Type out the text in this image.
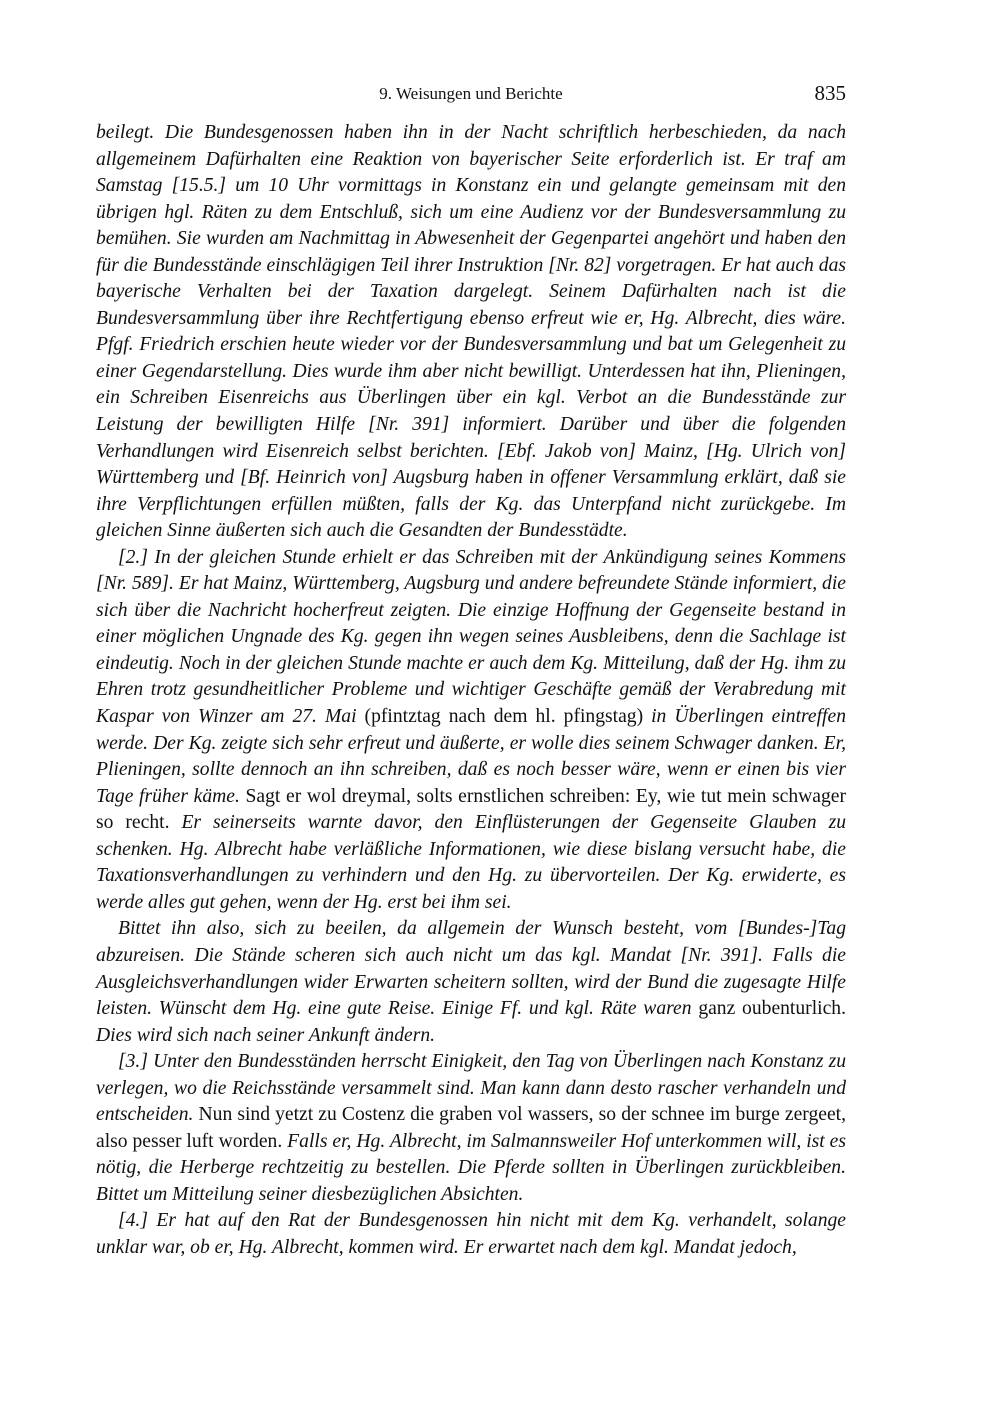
9. Weisungen und Berichte	835

beilegt. Die Bundesgenossen haben ihn in der Nacht schriftlich herbeschieden, da nach allgemeinem Dafürhalten eine Reaktion von bayerischer Seite erforderlich ist. Er traf am Samstag [15.5.] um 10 Uhr vormittags in Konstanz ein und gelangte gemeinsam mit den übrigen hgl. Räten zu dem Entschluß, sich um eine Audienz vor der Bundesversammlung zu bemühen. Sie wurden am Nachmittag in Abwesenheit der Gegenpartei angehört und haben den für die Bundesstände einschlägigen Teil ihrer Instruktion [Nr. 82] vorgetragen. Er hat auch das bayerische Verhalten bei der Taxation dargelegt. Seinem Dafürhalten nach ist die Bundesversammlung über ihre Rechtfertigung ebenso erfreut wie er, Hg. Albrecht, dies wäre. Pfgf. Friedrich erschien heute wieder vor der Bundesversammlung und bat um Gelegenheit zu einer Gegendarstellung. Dies wurde ihm aber nicht bewilligt. Unterdessen hat ihn, Plieningen, ein Schreiben Eisenreichs aus Überlingen über ein kgl. Verbot an die Bundesstände zur Leistung der bewilligten Hilfe [Nr. 391] informiert. Darüber und über die folgenden Verhandlungen wird Eisenreich selbst berichten. [Ebf. Jakob von] Mainz, [Hg. Ulrich von] Württemberg und [Bf. Heinrich von] Augsburg haben in offener Versammlung erklärt, daß sie ihre Verpflichtungen erfüllen müßten, falls der Kg. das Unterpfand nicht zurückgebe. Im gleichen Sinne äußerten sich auch die Gesandten der Bundesstädte.

[2.] In der gleichen Stunde erhielt er das Schreiben mit der Ankündigung seines Kommens [Nr. 589]. Er hat Mainz, Württemberg, Augsburg und andere befreundete Stände informiert, die sich über die Nachricht hocherfreut zeigten. Die einzige Hoffnung der Gegenseite bestand in einer möglichen Ungnade des Kg. gegen ihn wegen seines Ausbleibens, denn die Sachlage ist eindeutig. Noch in der gleichen Stunde machte er auch dem Kg. Mitteilung, daß der Hg. ihm zu Ehren trotz gesundheitlicher Probleme und wichtiger Geschäfte gemäß der Verabredung mit Kaspar von Winzer am 27. Mai (pfintztag nach dem hl. pfingstag) in Überlingen eintreffen werde. Der Kg. zeigte sich sehr erfreut und äußerte, er wolle dies seinem Schwager danken. Er, Plieningen, sollte dennoch an ihn schreiben, daß es noch besser wäre, wenn er einen bis vier Tage früher käme. Sagt er wol dreymal, solts ernstlichen schreiben: Ey, wie tut mein schwager so recht. Er seinerseits warnte davor, den Einflüsterungen der Gegenseite Glauben zu schenken. Hg. Albrecht habe verläßliche Informationen, wie diese bislang versucht habe, die Taxationsverhandlungen zu verhindern und den Hg. zu übervorteilen. Der Kg. erwiderte, es werde alles gut gehen, wenn der Hg. erst bei ihm sei.

Bittet ihn also, sich zu beeilen, da allgemein der Wunsch besteht, vom [Bundes-]Tag abzureisen. Die Stände scheren sich auch nicht um das kgl. Mandat [Nr. 391]. Falls die Ausgleichsverhandlungen wider Erwarten scheitern sollten, wird der Bund die zugesagte Hilfe leisten. Wünscht dem Hg. eine gute Reise. Einige Ff. und kgl. Räte waren ganz oubenturlich. Dies wird sich nach seiner Ankunft ändern.

[3.] Unter den Bundesständen herrscht Einigkeit, den Tag von Überlingen nach Konstanz zu verlegen, wo die Reichsstände versammelt sind. Man kann dann desto rascher verhandeln und entscheiden. Nun sind yetzt zu Costenz die graben vol wassers, so der schnee im burge zergeet, also pesser luft worden. Falls er, Hg. Albrecht, im Salmannsweiler Hof unterkommen will, ist es nötig, die Herberge rechtzeitig zu bestellen. Die Pferde sollten in Überlingen zurückbleiben. Bittet um Mitteilung seiner diesbezüglichen Absichten.

[4.] Er hat auf den Rat der Bundesgenossen hin nicht mit dem Kg. verhandelt, solange unklar war, ob er, Hg. Albrecht, kommen wird. Er erwartet nach dem kgl. Mandat jedoch,
